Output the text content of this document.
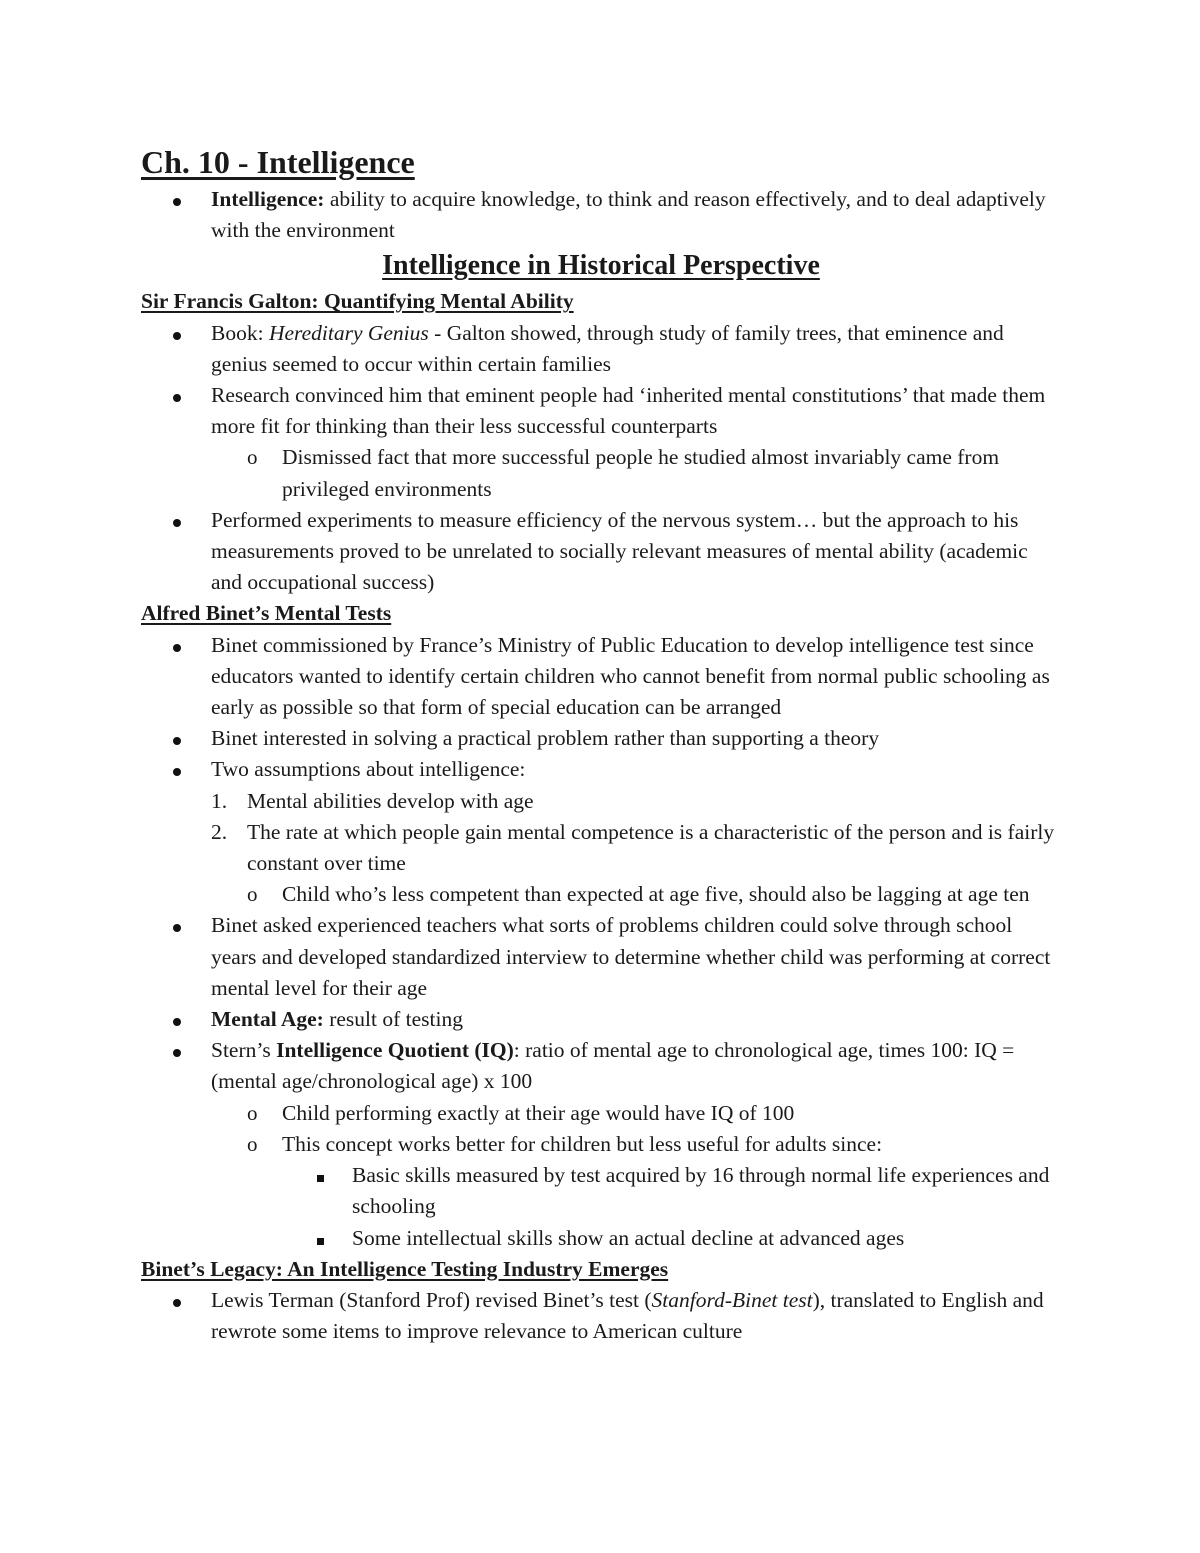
Ch. 10 - Intelligence
Intelligence: ability to acquire knowledge, to think and reason effectively, and to deal adaptively with the environment
Intelligence in Historical Perspective
Sir Francis Galton: Quantifying Mental Ability
Book: Hereditary Genius - Galton showed, through study of family trees, that eminence and genius seemed to occur within certain families
Research convinced him that eminent people had ‘inherited mental constitutions’ that made them more fit for thinking than their less successful counterparts
o Dismissed fact that more successful people he studied almost invariably came from privileged environments
Performed experiments to measure efficiency of the nervous system… but the approach to his measurements proved to be unrelated to socially relevant measures of mental ability (academic and occupational success)
Alfred Binet’s Mental Tests
Binet commissioned by France’s Ministry of Public Education to develop intelligence test since educators wanted to identify certain children who cannot benefit from normal public schooling as early as possible so that form of special education can be arranged
Binet interested in solving a practical problem rather than supporting a theory
Two assumptions about intelligence:
1. Mental abilities develop with age
2. The rate at which people gain mental competence is a characteristic of the person and is fairly constant over time
o Child who’s less competent than expected at age five, should also be lagging at age ten
Binet asked experienced teachers what sorts of problems children could solve through school years and developed standardized interview to determine whether child was performing at correct mental level for their age
Mental Age: result of testing
Stern’s Intelligence Quotient (IQ): ratio of mental age to chronological age, times 100: IQ = (mental age/chronological age) x 100
o Child performing exactly at their age would have IQ of 100
o This concept works better for children but less useful for adults since:
Basic skills measured by test acquired by 16 through normal life experiences and schooling
Some intellectual skills show an actual decline at advanced ages
Binet’s Legacy: An Intelligence Testing Industry Emerges
Lewis Terman (Stanford Prof) revised Binet’s test (Stanford-Binet test), translated to English and rewrote some items to improve relevance to American culture
